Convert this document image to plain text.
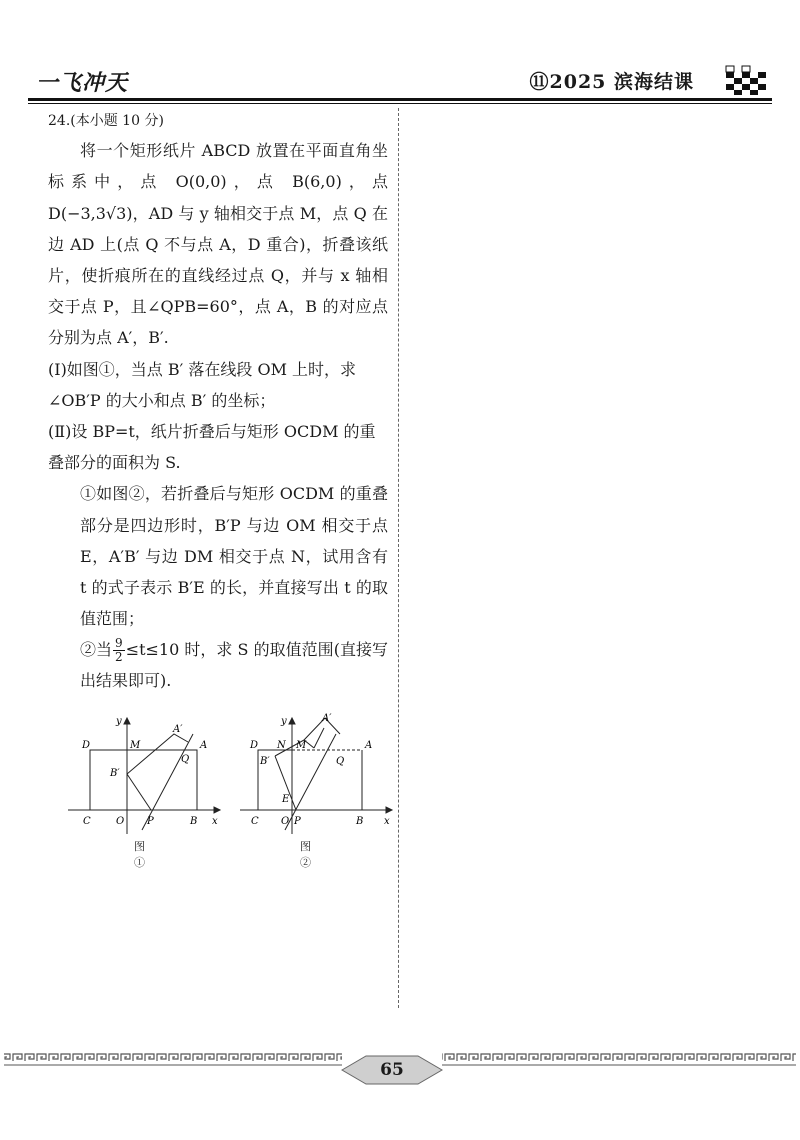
一飞冲天	⑪2025 滨海结课

24.(本小题 10 分)

将一个矩形纸片 ABCD 放置在平面直角坐标系中，点 O(0,0)，点 B(6,0)，点 D(−3,3√3)，AD 与 y 轴相交于点 M，点 Q 在边 AD 上(点 Q 不与点 A，D 重合)，折叠该纸片，使折痕所在的直线经过点 Q，并与 x 轴相交于点 P，且∠QPB=60°，点 A，B 的对应点分别为点 A′，B′.

(Ⅰ)如图①，当点 B′ 落在线段 OM 上时，求∠OB′P 的大小和点 B′ 的坐标；

(Ⅱ)设 BP=t，纸片折叠后与矩形 OCDM 的重叠部分的面积为 S.

①如图②，若折叠后与矩形 OCDM 的重叠部分是四边形时，B′P 与边 OM 相交于点 E，A′B′ 与边 DM 相交于点 N，试用含有 t 的式子表示 B′E 的长，并直接写出 t 的取值范围；

②当 $\frac{9}{2} \le t\le 10$ 时，求 S 的取值范围(直接写出结果即可).

y
x
D	M
A′
A
B′
Q
C	O P	B
图①
y
x
D N M
A′
A
B′	Q
E
C O P	B
图②
65
